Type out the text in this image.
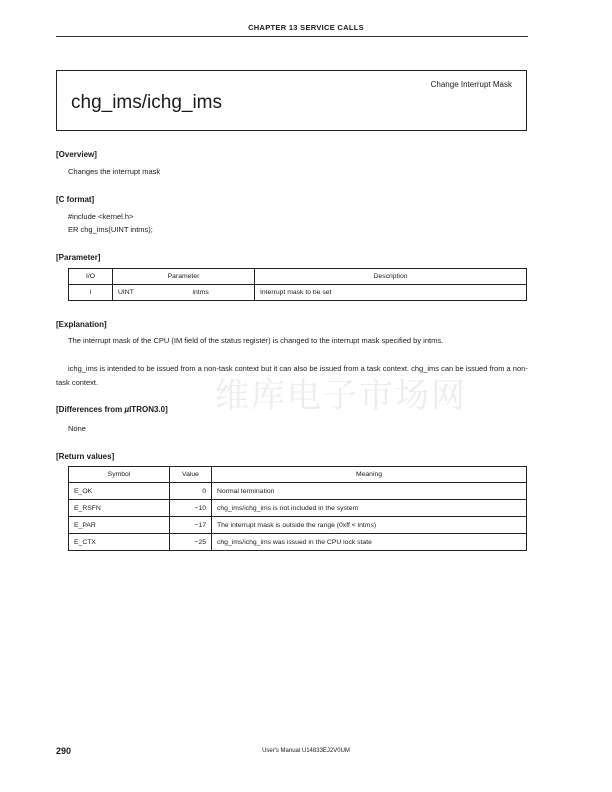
CHAPTER 13 SERVICE CALLS
chg_ims/ichg_ims
Change Interrupt Mask
[Overview]
Changes the interrupt mask
[C format]
#include <kernel.h>
ER chg_ims(UINT intms);
[Parameter]
I/O	Parameter	Description
I	UINT intms	Interrupt mask to be set
[Explanation]
The interrupt mask of the CPU (IM field of the status register) is changed to the interrupt mask specified by intms.
ichg_ims is intended to be issued from a non-task context but it can also be issued from a task context. chg_ims can be issued from a non-task context.	维库电子市场网
[Differences from µITRON3.0]
None
[Return values]
Symbol	Value	Meaning
E_OK	0	Normal termination
E_RSFN	−10	chg_ims/ichg_ims is not included in the system
E_PAR	−17	The interrupt mask is outside the range (0xff < intms)
E_CTX	−25	chg_ims/ichg_ims was issued in the CPU lock state
290	User's Manual U14833EJ2V0UM
